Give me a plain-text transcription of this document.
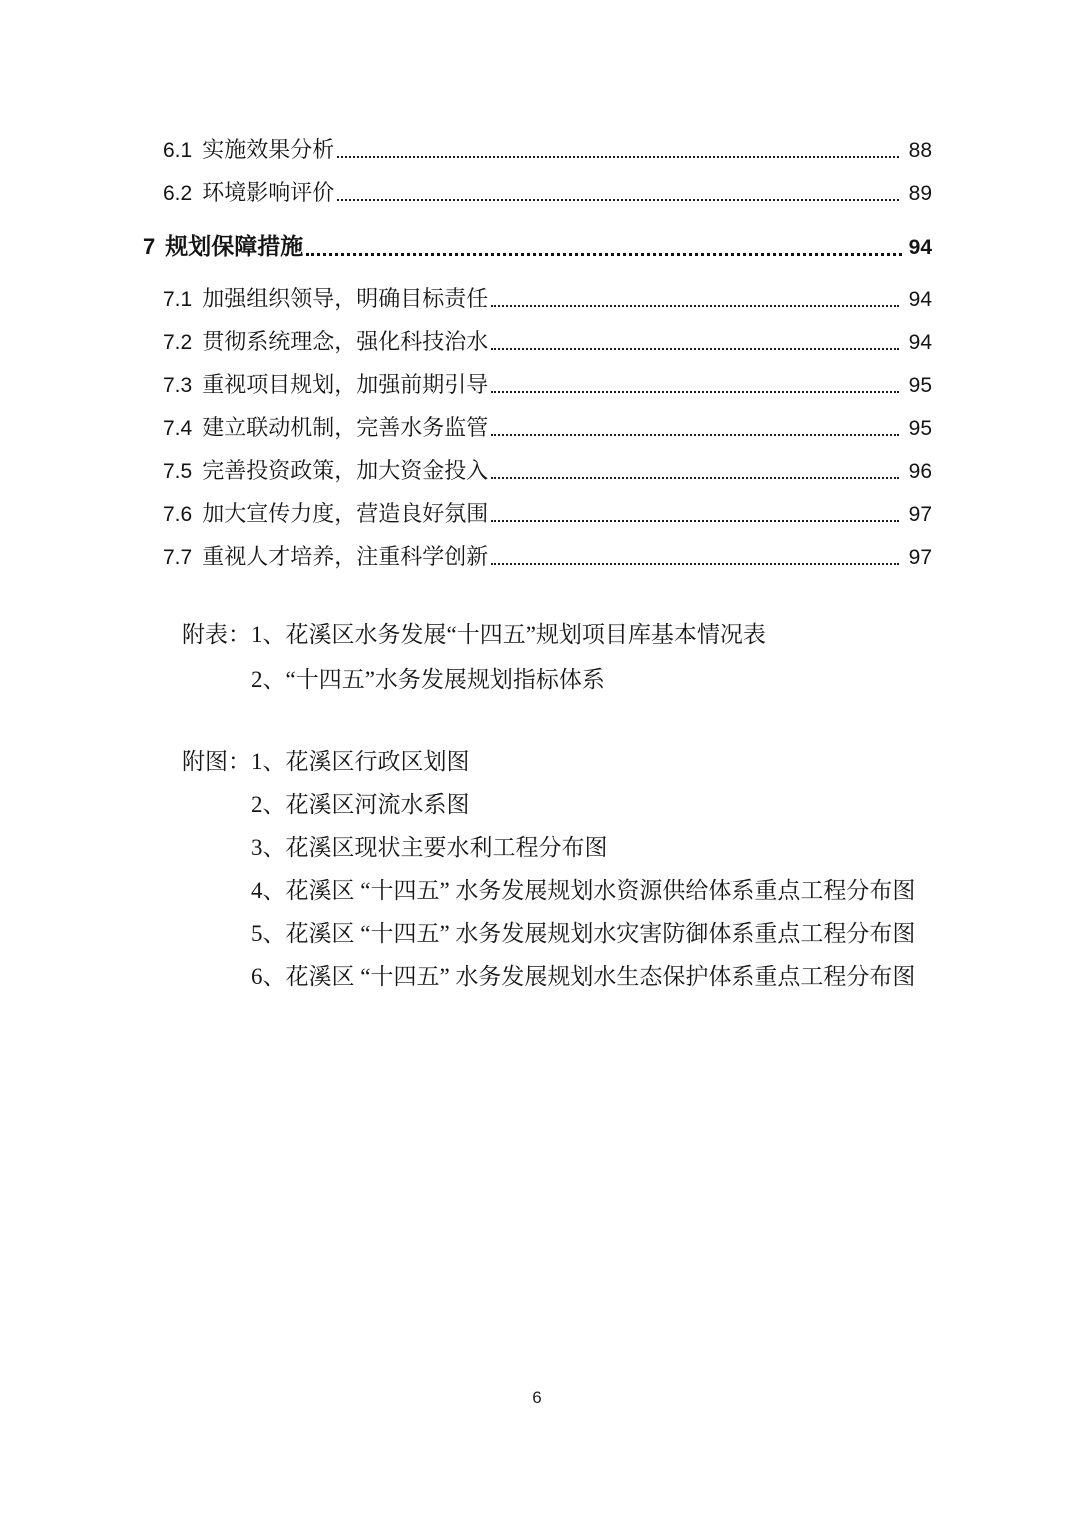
6.1 实施效果分析	88
6.2 环境影响评价	89
7 规划保障措施	94
7.1 加强组织领导，明确目标责任	94
7.2 贯彻系统理念，强化科技治水	94
7.3 重视项目规划，加强前期引导	95
7.4 建立联动机制，完善水务监管	95
7.5 完善投资政策，加大资金投入	96
7.6 加大宣传力度，营造良好氛围	97
7.7 重视人才培养，注重科学创新	97
附表： 1、花溪区水务发展“十四五”规划项目库基本情况表
2、“十四五”水务发展规划指标体系
附图： 1、花溪区行政区划图
2、花溪区河流水系图
3、花溪区现状主要水利工程分布图
4、花溪区 “十四五” 水务发展规划水资源供给体系重点工程分布图
5、花溪区 “十四五” 水务发展规划水灾害防御体系重点工程分布图
6、花溪区 “十四五” 水务发展规划水生态保护体系重点工程分布图
6
